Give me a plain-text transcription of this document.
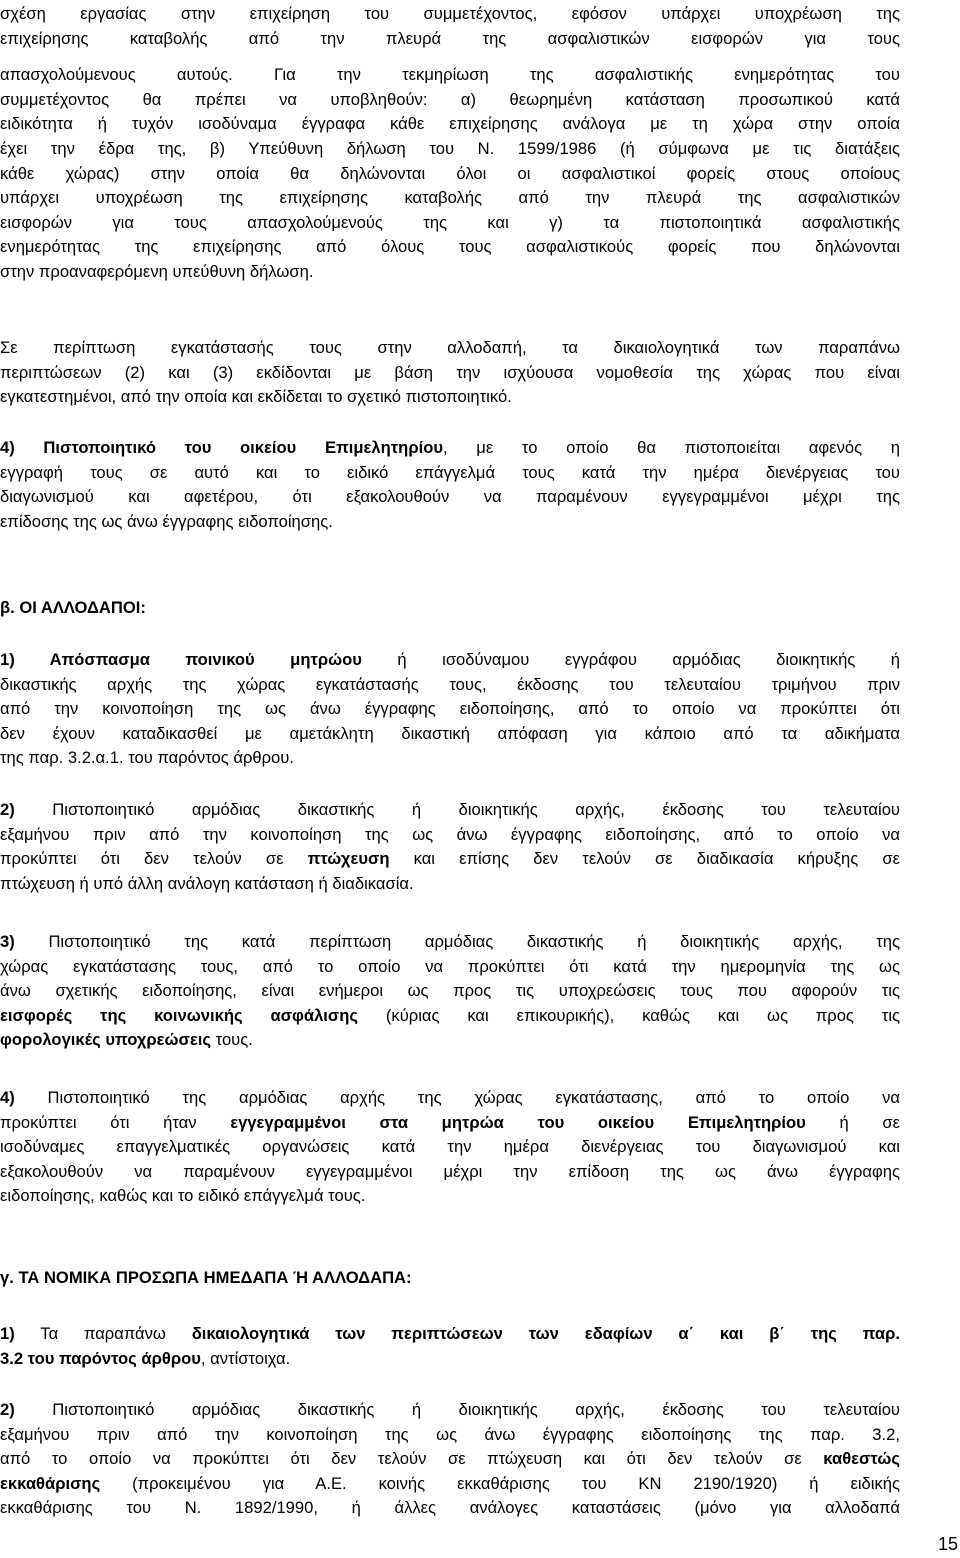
σχέση εργασίας στην επιχείρηση του συμμετέχοντος, εφόσον υπάρχει υποχρέωση της
επιχείρησης καταβολής από την πλευρά της ασφαλιστικών εισφορών για τους
απασχολούμενους αυτούς. Για την τεκμηρίωση της ασφαλιστικής ενημερότητας του
συμμετέχοντος θα πρέπει να υποβληθούν: α) θεωρημένη κατάσταση προσωπικού κατά
ειδικότητα ή τυχόν ισοδύναμα έγγραφα κάθε επιχείρησης ανάλογα με τη χώρα στην οποία
έχει την έδρα της, β) Υπεύθυνη δήλωση του Ν. 1599/1986 (ή σύμφωνα με τις διατάξεις
κάθε χώρας) στην οποία θα δηλώνονται όλοι οι ασφαλιστικοί φορείς στους οποίους
υπάρχει υποχρέωση της επιχείρησης καταβολής από την πλευρά της ασφαλιστικών
εισφορών για τους απασχολούμενούς της και γ) τα πιστοποιητικά ασφαλιστικής
ενημερότητας της επιχείρησης από όλους τους ασφαλιστικούς φορείς που δηλώνονται
στην προαναφερόμενη υπεύθυνη δήλωση.
Σε περίπτωση εγκατάστασής τους στην αλλοδαπή, τα δικαιολογητικά των παραπάνω
περιπτώσεων (2) και (3) εκδίδονται με βάση την ισχύουσα νομοθεσία της χώρας που είναι
εγκατεστημένοι, από την οποία και εκδίδεται το σχετικό πιστοποιητικό.
4) Πιστοποιητικό του οικείου Επιμελητηρίου, με το οποίο θα πιστοποιείται αφενός η
εγγραφή τους σε αυτό και το ειδικό επάγγελμά τους κατά την ημέρα διενέργειας του
διαγωνισμού και αφετέρου, ότι εξακολουθούν να παραμένουν εγγεγραμμένοι μέχρι της
επίδοσης της ως άνω έγγραφης ειδοποίησης.
β. ΟΙ ΑΛΛΟΔΑΠΟΙ:
1) Απόσπασμα ποινικού μητρώου ή ισοδύναμου εγγράφου αρμόδιας διοικητικής ή
δικαστικής αρχής της χώρας εγκατάστασής τους, έκδοσης του τελευταίου τριμήνου πριν
από την κοινοποίηση της ως άνω έγγραφης ειδοποίησης, από το οποίο να προκύπτει ότι
δεν έχουν καταδικασθεί με αμετάκλητη δικαστική απόφαση για κάποιο από τα αδικήματα
της παρ. 3.2.α.1. του παρόντος άρθρου.
2) Πιστοποιητικό αρμόδιας δικαστικής ή διοικητικής αρχής, έκδοσης του τελευταίου
εξαμήνου πριν από την κοινοποίηση της ως άνω έγγραφης ειδοποίησης, από το οποίο να
προκύπτει ότι δεν τελούν σε πτώχευση και επίσης δεν τελούν σε διαδικασία κήρυξης σε
πτώχευση ή υπό άλλη ανάλογη κατάσταση ή διαδικασία.
3) Πιστοποιητικό της κατά περίπτωση αρμόδιας δικαστικής ή διοικητικής αρχής, της
χώρας εγκατάστασης τους, από το οποίο να προκύπτει ότι κατά την ημερομηνία της ως
άνω σχετικής ειδοποίησης, είναι ενήμεροι ως προς τις υποχρεώσεις τους που αφορούν τις
εισφορές της κοινωνικής ασφάλισης (κύριας και επικουρικής), καθώς και ως προς τις
φορολογικές υποχρεώσεις τους.
4) Πιστοποιητικό της αρμόδιας αρχής της χώρας εγκατάστασης, από το οποίο να
προκύπτει ότι ήταν εγγεγραμμένοι στα μητρώα του οικείου Επιμελητηρίου ή σε
ισοδύναμες επαγγελματικές οργανώσεις κατά την ημέρα διενέργειας του διαγωνισμού και
εξακολουθούν να παραμένουν εγγεγραμμένοι μέχρι την επίδοση της ως άνω έγγραφης
ειδοποίησης, καθώς και το ειδικό επάγγελμά τους.
γ. ΤΑ ΝΟΜΙΚΑ ΠΡΟΣΩΠΑ ΗΜΕΔΑΠΑ Ή ΑΛΛΟΔΑΠΑ:
1) Τα παραπάνω δικαιολογητικά των περιπτώσεων των εδαφίων α΄ και β΄ της παρ.
3.2 του παρόντος άρθρου, αντίστοιχα.
2) Πιστοποιητικό αρμόδιας δικαστικής ή διοικητικής αρχής, έκδοσης του τελευταίου
εξαμήνου πριν από την κοινοποίηση της ως άνω έγγραφης ειδοποίησης της παρ. 3.2,
από το οποίο να προκύπτει ότι δεν τελούν σε πτώχευση και ότι δεν τελούν σε καθεστώς
εκκαθάρισης (προκειμένου για Α.Ε. κοινής εκκαθάρισης του ΚΝ 2190/1920) ή ειδικής
εκκαθάρισης του Ν. 1892/1990, ή άλλες ανάλογες καταστάσεις (μόνο για αλλοδαπά
15
